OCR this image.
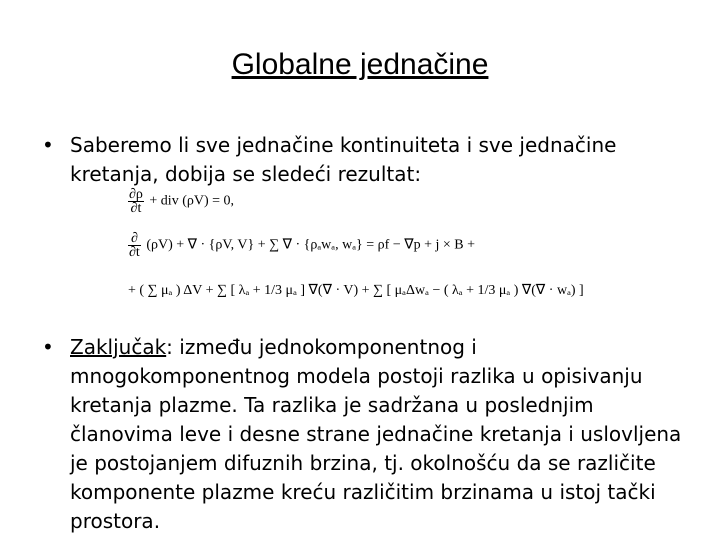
Globalne jednačine
• Saberemo li sve jednačine kontinuiteta i sve jednačine kretanja, dobija se sledeći rezultat:
$\frac{\partial\rho}{\partial t}$ + div (ρV) = 0,
$\frac{\partial}{\partial t} (\rho V)$ + ∇ · {ρV, V} + ∑ ∇ · {ρₐwₐ, wₐ} = ρf − ∇p + j × B +
+ ( ∑ μₐ ) ΔV + ∑ [ λₐ + 1/3 μₐ ] ∇(∇ · V) + ∑ [ μₐΔwₐ − ( λₐ + 1/3 μₐ ) ∇(∇ · wₐ) ]
• Zaključak: između jednokomponentnog i mnogokomponentnog modela postoji razlika u opisivanju kretanja plazme. Ta razlika je sadržana u poslednjim članovima leve i desne strane jednačine kretanja i uslovljena je postojanjem difuznih brzina, tj. okolnošću da se različite komponente plazme kreću različitim brzinama u istoj tački prostora.
